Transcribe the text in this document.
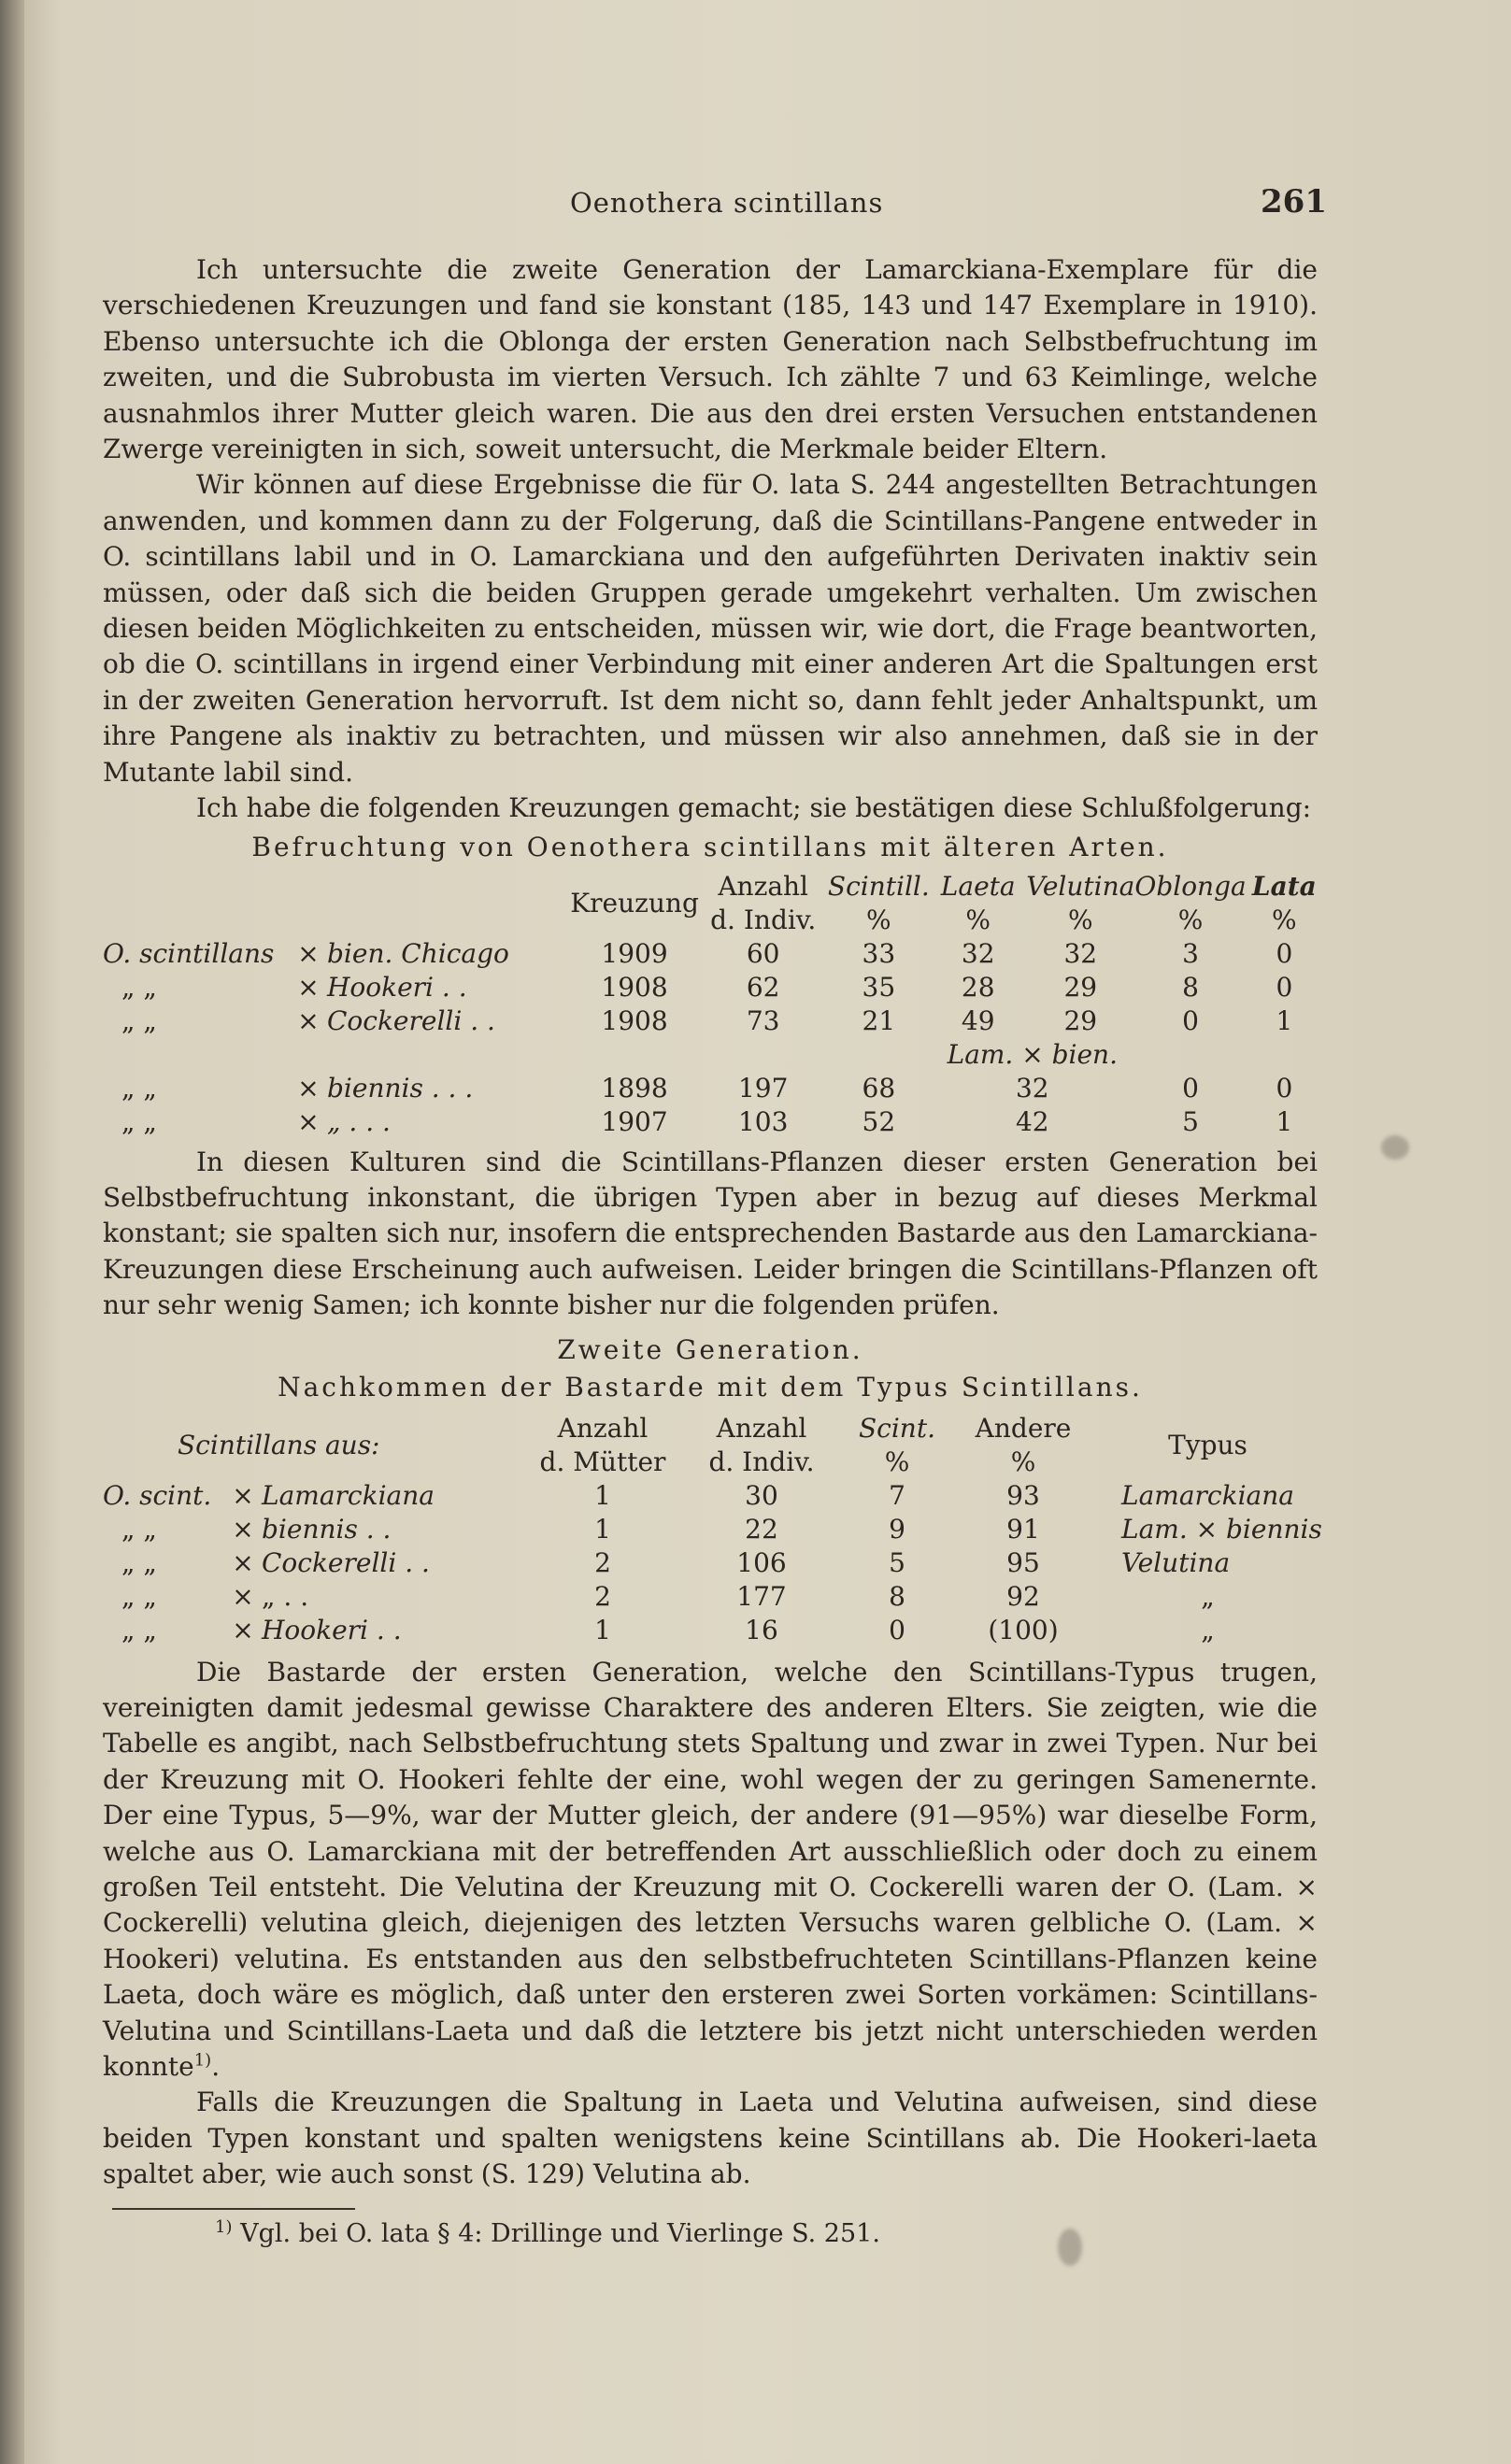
Oenothera scintillans	261

Ich untersuchte die zweite Generation der Lamarckiana-Exemplare für die verschiedenen Kreuzungen und fand sie konstant (185, 143 und 147 Exemplare in 1910). Ebenso untersuchte ich die Oblonga der ersten Generation nach Selbstbefruchtung im zweiten, und die Subrobusta im vierten Versuch. Ich zählte 7 und 63 Keimlinge, welche ausnahmlos ihrer Mutter gleich waren. Die aus den drei ersten Versuchen entstandenen Zwerge vereinigten in sich, soweit untersucht, die Merkmale beider Eltern.

Wir können auf diese Ergebnisse die für O. lata S. 244 angestellten Betrachtungen anwenden, und kommen dann zu der Folgerung, daß die Scintillans-Pangene entweder in O. scintillans labil und in O. Lamarckiana und den aufgeführten Derivaten inaktiv sein müssen, oder daß sich die beiden Gruppen gerade umgekehrt verhalten. Um zwischen diesen beiden Möglichkeiten zu entscheiden, müssen wir, wie dort, die Frage beantworten, ob die O. scintillans in irgend einer Verbindung mit einer anderen Art die Spaltungen erst in der zweiten Generation hervorruft. Ist dem nicht so, dann fehlt jeder Anhaltspunkt, um ihre Pangene als inaktiv zu betrachten, und müssen wir also annehmen, daß sie in der Mutante labil sind.

Ich habe die folgenden Kreuzungen gemacht; sie bestätigen diese Schlußfolgerung:

Befruchtung von Oenothera scintillans mit älteren Arten.
	Kreuzung	Anzahl	Scintill.	Laeta	Velutina	Oblonga	Lata
		d. Indiv.	%	%	%	%	%
O. scintillans × bien. Chicago	1909	60	33	32	32	3	0
„ „ × Hookeri . .	1908	62	35	28	29	8	0
„ „ × Cockerelli . .	1908	73	21	49	29	0	1
				Lam. × bien.			
„ „ × biennis . . .	1898	197	68	32		0	0
„ „ × „ . . .	1907	103	52	42		5	1

In diesen Kulturen sind die Scintillans-Pflanzen dieser ersten Generation bei Selbstbefruchtung inkonstant, die übrigen Typen aber in bezug auf dieses Merkmal konstant; sie spalten sich nur, insofern die entsprechenden Bastarde aus den Lamarckiana-Kreuzungen diese Erscheinung auch aufweisen. Leider bringen die Scintillans-Pflanzen oft nur sehr wenig Samen; ich konnte bisher nur die folgenden prüfen.

Zweite Generation.
Nachkommen der Bastarde mit dem Typus Scintillans.
Scintillans aus:	Anzahl	Anzahl	Scint.	Andere	Typus
	d. Mütter	d. Indiv.	%	%	
O. scint. × Lamarckiana	1	30	7	93	Lamarckiana
„ „ × biennis . .	1	22	9	91	Lam. × biennis
„ „ × Cockerelli . .	2	106	5	95	Velutina
„ „ × „ . .	2	177	8	92	„
„ „ × Hookeri . .	1	16	0	(100)	„

Die Bastarde der ersten Generation, welche den Scintillans-Typus trugen, vereinigten damit jedesmal gewisse Charaktere des anderen Elters. Sie zeigten, wie die Tabelle es angibt, nach Selbstbefruchtung stets Spaltung und zwar in zwei Typen. Nur bei der Kreuzung mit O. Hookeri fehlte der eine, wohl wegen der zu geringen Samenernte. Der eine Typus, 5—9%, war der Mutter gleich, der andere (91—95%) war dieselbe Form, welche aus O. Lamarckiana mit der betreffenden Art ausschließlich oder doch zu einem großen Teil entsteht. Die Velutina der Kreuzung mit O. Cockerelli waren der O. (Lam. × Cockerelli) velutina gleich, diejenigen des letzten Versuchs waren gelbliche O. (Lam. × Hookeri) velutina. Es entstanden aus den selbstbefruchteten Scintillans-Pflanzen keine Laeta, doch wäre es möglich, daß unter den ersteren zwei Sorten vorkämen: Scintillans-Velutina und Scintillans-Laeta und daß die letztere bis jetzt nicht unterschieden werden konnte$^{1)}$.

Falls die Kreuzungen die Spaltung in Laeta und Velutina aufweisen, sind diese beiden Typen konstant und spalten wenigstens keine Scintillans ab. Die Hookeri-laeta spaltet aber, wie auch sonst (S. 129) Velutina ab.

$^{1)}$ Vgl. bei O. lata § 4: Drillinge und Vierlinge S. 251.
